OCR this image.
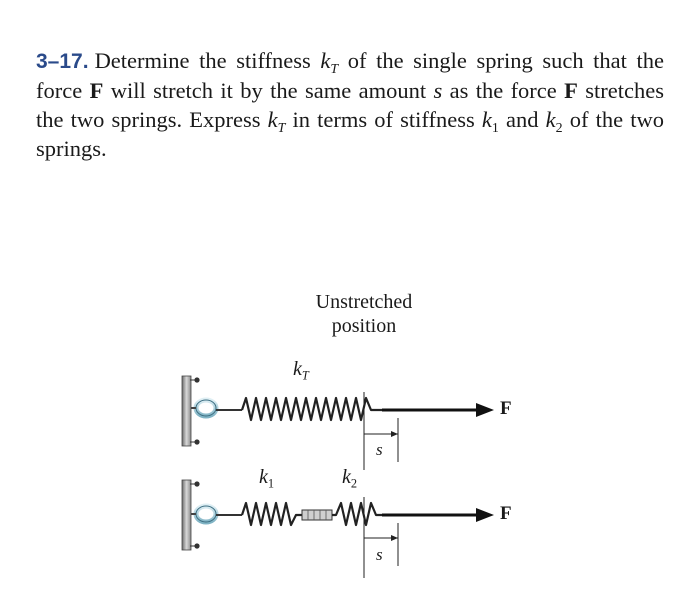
3–17. Determine the stiffness $k_T$ of the single spring such that the force F will stretch it by the same amount s as the force F stretches the two springs. Express $k_T$ in terms of stiffness $k_1$ and $k_2$ of the two springs.
Unstretched
position
$k_T$
$k_1$	$k_2$
F
F
s
s
